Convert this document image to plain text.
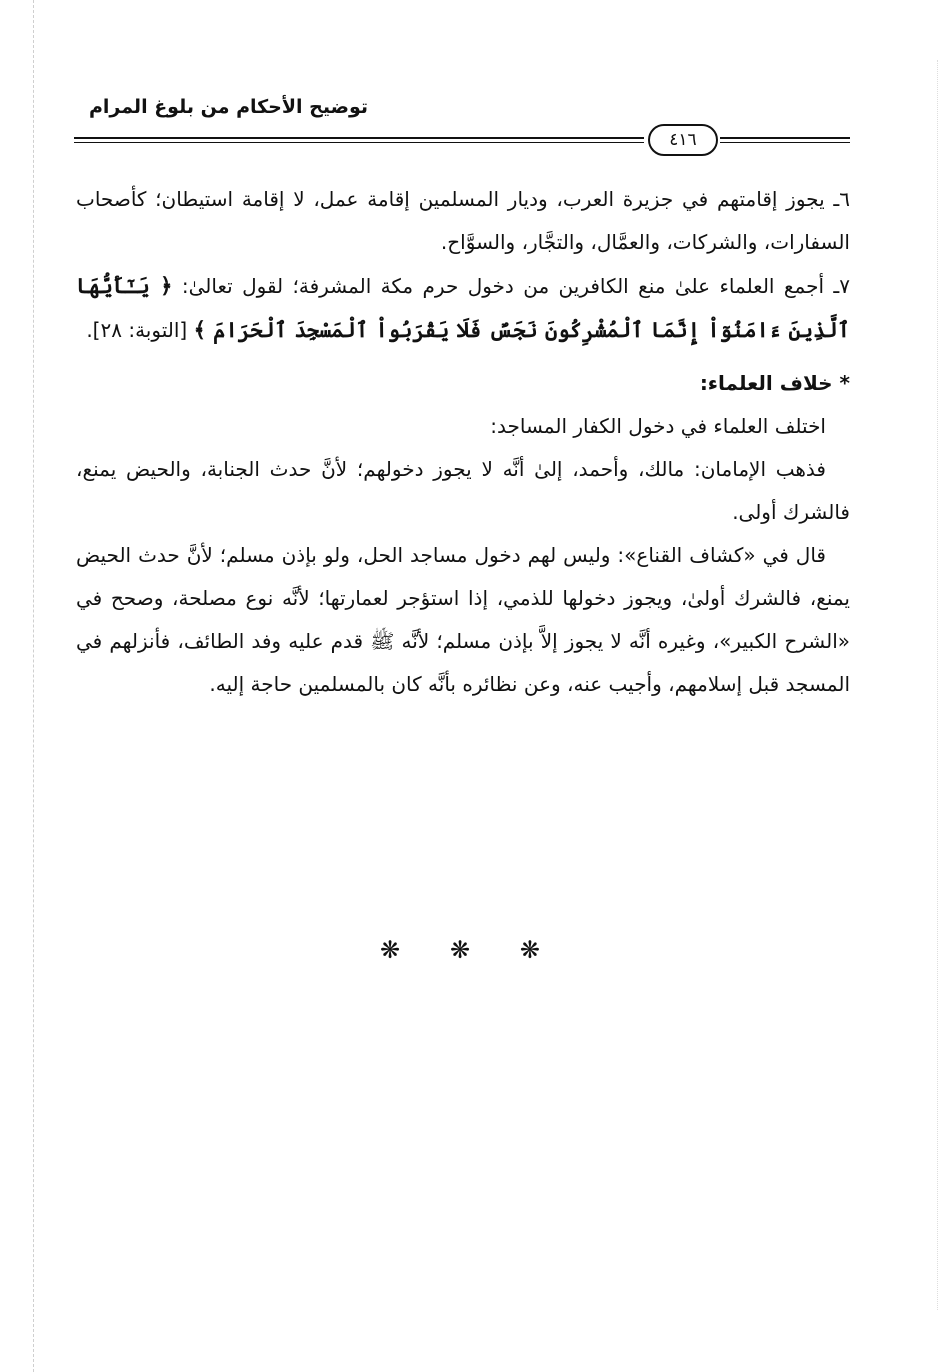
توضيح الأحكام من بلوغ المرام
٤١٦

٦ـ يجوز إقامتهم في جزيرة العرب، وديار المسلمين إقامة عمل، لا إقامة استيطان؛ كأصحاب السفارات، والشركات، والعمَّال، والتجَّار، والسوَّاح.

٧ـ أجمع العلماء علىٰ منع الكافرين من دخول حرم مكة المشرفة؛ لقول تعالىٰ: ﴿ يَـٰٓأَيُّهَا ٱلَّذِينَ ءَامَنُوٓاْ إِنَّمَا ٱلْمُشْرِكُونَ نَجَسٌ فَلَا يَقْرَبُواْ ٱلْمَسْجِدَ ٱلْحَرَامَ ﴾ [التوبة: ٢٨].

* خلاف العلماء:

اختلف العلماء في دخول الكفار المساجد:

فذهب الإمامان: مالك، وأحمد، إلىٰ أنَّه لا يجوز دخولهم؛ لأنَّ حدث الجنابة، والحيض يمنع، فالشرك أولى.

قال في «كشاف القناع»: وليس لهم دخول مساجد الحل، ولو بإذن مسلم؛ لأنَّ حدث الحيض يمنع، فالشرك أولىٰ، ويجوز دخولها للذمي، إذا استؤجر لعمارتها؛ لأنَّه نوع مصلحة، وصحح في «الشرح الكبير»، وغيره أنَّه لا يجوز إلاَّ بإذن مسلم؛ لأنَّه ﷺ قدم عليه وفد الطائف، فأنزلهم في المسجد قبل إسلامهم، وأجيب عنه، وعن نظائره بأنَّه كان بالمسلمين حاجة إليه.

❋ ❋ ❋
